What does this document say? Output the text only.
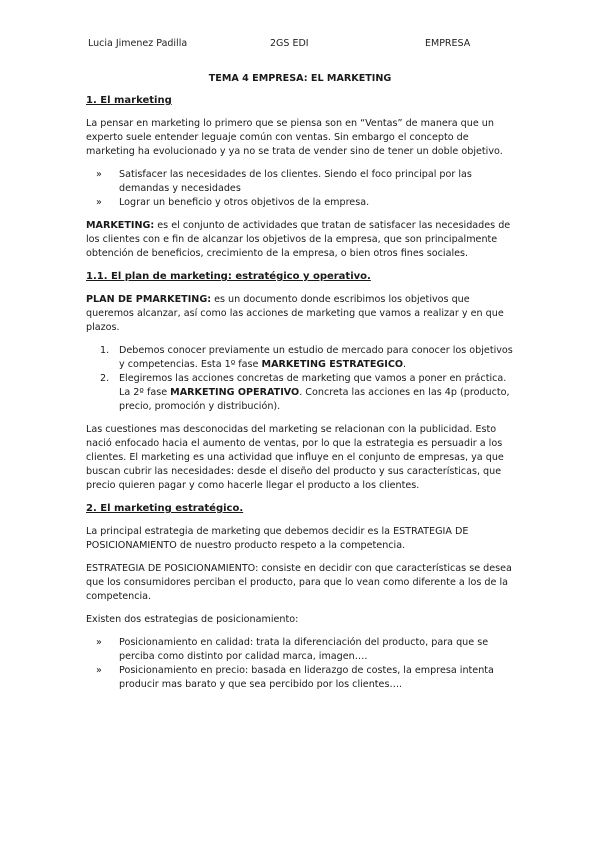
Lucia Jimenez Padilla	2GS EDI	EMPRESA
TEMA 4 EMPRESA: EL MARKETING
1. El marketing

La pensar en marketing lo primero que se piensa son en “Ventas” de manera que un experto suele entender leguaje común con ventas. Sin embargo el concepto de marketing ha evolucionado y ya no se trata de vender sino de tener un doble objetivo.

» Satisfacer las necesidades de los clientes. Siendo el foco principal por las demandas y necesidades
» Lograr un beneficio y otros objetivos de la empresa.

MARKETING: es el conjunto de actividades que tratan de satisfacer las necesidades de los clientes con e fin de alcanzar los objetivos de la empresa, que son principalmente obtención de beneficios, crecimiento de la empresa, o bien otros fines sociales.

1.1. El plan de marketing: estratégico y operativo.

PLAN DE PMARKETING: es un documento donde escribimos los objetivos que queremos alcanzar, así como las acciones de marketing que vamos a realizar y en que plazos.

1. Debemos conocer previamente un estudio de mercado para conocer los objetivos y competencias. Esta 1º fase MARKETING ESTRATEGICO.
2. Elegiremos las acciones concretas de marketing que vamos a poner en práctica. La 2º fase MARKETING OPERATIVO. Concreta las acciones en las 4p (producto, precio, promoción y distribución).

Las cuestiones mas desconocidas del marketing se relacionan con la publicidad. Esto nació enfocado hacia el aumento de ventas, por lo que la estrategia es persuadir a los clientes. El marketing es una actividad que influye en el conjunto de empresas, ya que buscan cubrir las necesidades: desde el diseño del producto y sus características, que precio quieren pagar y como hacerle llegar el producto a los clientes.

2. El marketing estratégico.

La principal estrategia de marketing que debemos decidir es la ESTRATEGIA DE POSICIONAMIENTO de nuestro producto respeto a la competencia.

ESTRATEGIA DE POSICIONAMIENTO: consiste en decidir con que características se desea que los consumidores perciban el producto, para que lo vean como diferente a los de la competencia.

Existen dos estrategias de posicionamiento:

» Posicionamiento en calidad: trata la diferenciación del producto, para que se perciba como distinto por calidad marca, imagen….
» Posicionamiento en precio: basada en liderazgo de costes, la empresa intenta producir mas barato y que sea percibido por los clientes….
